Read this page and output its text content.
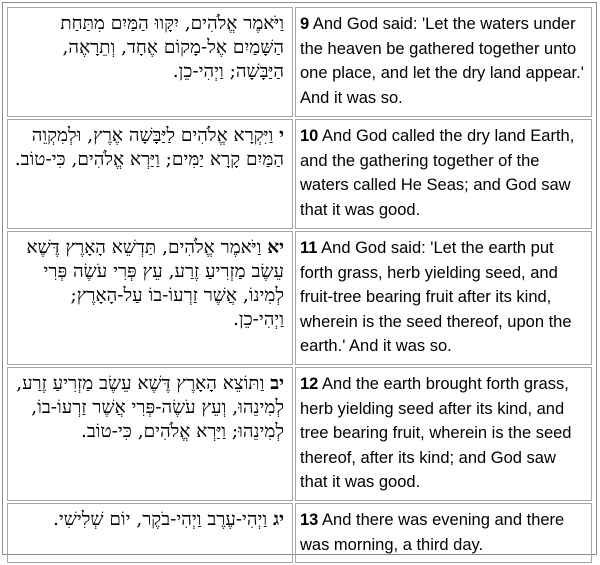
וַיֹּאמֶר אֱלֹהִים, יִקָּווּ הַמַּיִם מִתַּחַת הַשָּׁמַיִם אֶל-מָקוֹם אֶחָד, וְתֵרָאֶה, הַיַּבָּשָׁה; וַיְהִי-כֵן.	9 And God said: 'Let the waters under the heaven be gathered together unto one place, and let the dry land appear.' And it was so.
י וַיִּקְרָא אֱלֹהִים לַיַּבָּשָׁה אֶרֶץ, וּלְמִקְוֵה הַמַּיִם קָרָא יַמִּים; וַיַּרְא אֱלֹהִים, כִּי-טוֹב.	10 And God called the dry land Earth, and the gathering together of the waters called He Seas; and God saw that it was good.
יא וַיֹּאמֶר אֱלֹהִים, תַּדְשֵׁא הָאָרֶץ דֶּשֶׁא עֵשֶׂב מַזְרִיעַ זֶרַע, עֵץ פְּרִי עֹשֶׂה פְּרִי לְמִינוֹ, אֲשֶׁר זַרְעוֹ-בוֹ עַל-הָאָרֶץ; וַיְהִי-כֵן.	11 And God said: 'Let the earth put forth grass, herb yielding seed, and fruit-tree bearing fruit after its kind, wherein is the seed thereof, upon the earth.' And it was so.
יב וַתּוֹצֵא הָאָרֶץ דֶּשֶׁא עֵשֶׂב מַזְרִיעַ זֶרַע, לְמִינֵהוּ, וְעֵץ עֹשֶׂה-פְּרִי אֲשֶׁר זַרְעוֹ-בוֹ, לְמִינֵהוּ; וַיַּרְא אֱלֹהִים, כִּי-טוֹב.	12 And the earth brought forth grass, herb yielding seed after its kind, and tree bearing fruit, wherein is the seed thereof, after its kind; and God saw that it was good.
יג וַיְהִי-עֶרֶב וַיְהִי-בֹקֶר, יוֹם שְׁלִישִׁי.	13 And there was evening and there was morning, a third day.
